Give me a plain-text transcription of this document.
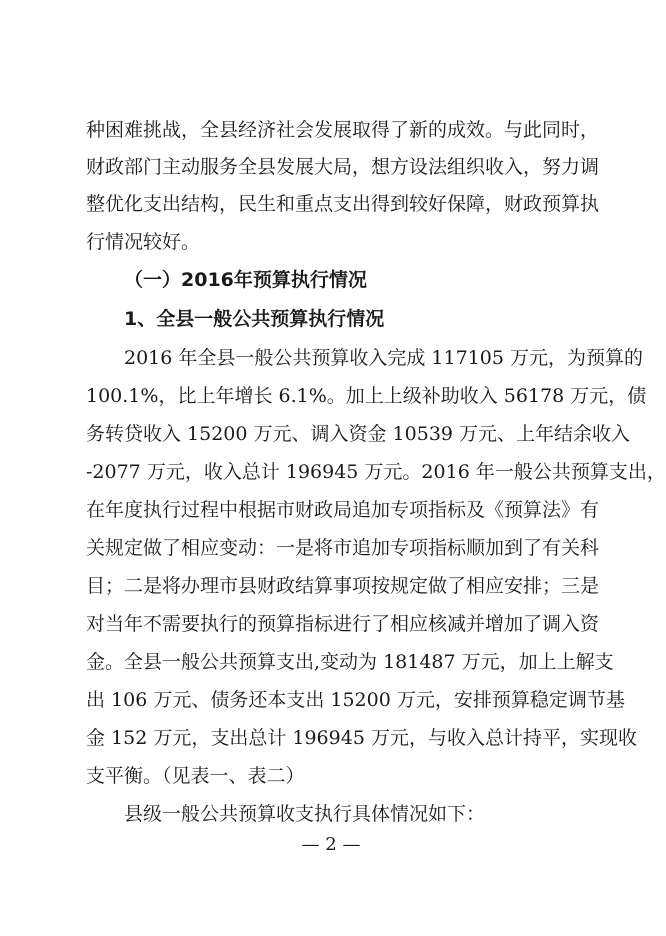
种困难挑战，全县经济社会发展取得了新的成效。与此同时，
财政部门主动服务全县发展大局，想方设法组织收入，努力调
整优化支出结构，民生和重点支出得到较好保障，财政预算执
行情况较好。
（一）2016年预算执行情况
1、全县一般公共预算执行情况
2016 年全县一般公共预算收入完成 117105 万元，为预算的
100.1%，比上年增长 6.1%。加上上级补助收入 56178 万元，债
务转贷收入 15200 万元、调入资金 10539 万元、上年结余收入
-2077 万元，收入总计 196945 万元。2016 年一般公共预算支出，
在年度执行过程中根据市财政局追加专项指标及《预算法》有
关规定做了相应变动：一是将市追加专项指标顺加到了有关科
目；二是将办理市县财政结算事项按规定做了相应安排；三是
对当年不需要执行的预算指标进行了相应核减并增加了调入资
金。全县一般公共预算支出,变动为 181487 万元，加上上解支
出 106 万元、债务还本支出 15200 万元，安排预算稳定调节基
金 152 万元，支出总计 196945 万元，与收入总计持平，实现收
支平衡。（见表一、表二）
县级一般公共预算收支执行具体情况如下：
— 2 —
